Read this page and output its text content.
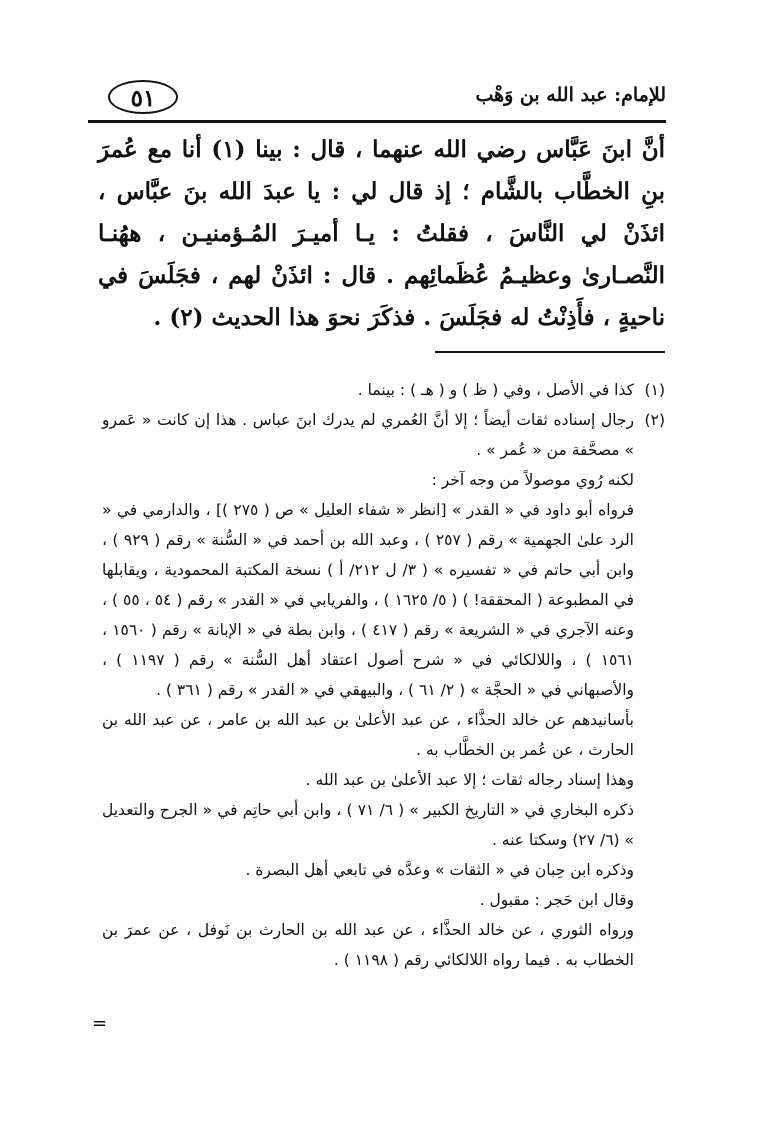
للإمام: عبد الله بن وَهْب
٥١

أنَّ ابنَ عَبَّاس رضي الله عنهما ، قال : بينا (١) أنا مع عُمرَ بنِ الخطَّاب بالشَّام ؛ إذ قال لي : يا عبدَ الله بنَ عبَّاس ، ائذَنْ لي النَّاسَ ، فقلتُ : يـا أميـرَ المُـؤمنيـن ، ههُنـا النَّصـارىٰ وعظيـمُ عُظَمائِهم . قال : ائذَنْ لهم ، فجَلَسَ في ناحيةٍ ، فأَذِنْتُ له فجَلَسَ . فذكَرَ نحوَ هذا الحديث (٢) .

(١)
كذا في الأصل ، وفي ( ظ ) و ( هـ ) : بينما .
(٢)
رجال إسناده ثقات أيضاً ؛ إلا أنَّ العُمري لم يدرك ابنَ عباس . هذا إن كانت « عَمرو » مصحَّفة من « عُمر » .

لكنه رُوي موصولاً من وجه آخر :

فرواه أبو داود في « القدر » [انظر « شفاء العليل » ص ( ٢٧٥ )] ، والدارمي في « الرد علىٰ الجهمية » رقم ( ٢٥٧ ) ، وعبد الله بن أحمد في « السُّنة » رقم ( ٩٢٩ ) ، وابن أبي حاتم في « تفسيره » ( ٣/ ل ٢١٢/ أ ) نسخة المكتبة المحمودية ، ويقابلها في المطبوعة ( المحققة! ) ( ٥/ ١٦٢٥ ) ، والفريابي في « القدر » رقم ( ٥٤ ، ٥٥ ) ، وعنه الآجري في « الشريعة » رقم ( ٤١٧ ) ، وابن بطة في « الإبانة » رقم ( ١٥٦٠ ، ١٥٦١ ) ، واللالكائي في « شرح أصول اعتقاد أهل السُّنة » رقم ( ١١٩٧ ) ، والأصبهاني في « الحجَّة » ( ٢/ ٦١ ) ، والبيهقي في « القدر » رقم ( ٣٦١ ) .

بأسانيدهم عن خالد الحذَّاء ، عن عبد الأعلىٰ بن عبد الله بن عامر ، عن عبد الله بن الحارث ، عن عُمر بن الخطَّاب به .

وهذا إسناد رجاله ثقات ؛ إلا عبد الأعلىٰ بن عبد الله .

ذكره البخاري في « التاريخ الكبير » ( ٦/ ٧١ ) ، وابن أبي حاتِم في « الجرح والتعديل » (٦/ ٢٧) وسكتا عنه .

وذكره ابن حِبان في « الثقات » وعدَّه في تابعي أهل البصرة .

وقال ابن حَجر : مقبول .

ورواه الثوري ، عن خالد الحذَّاء ، عن عبد الله بن الحارث بن نَوفل ، عن عمرَ بن الخطاب به . فيما رواه اللالكائي رقم ( ١١٩٨ ) .

=
